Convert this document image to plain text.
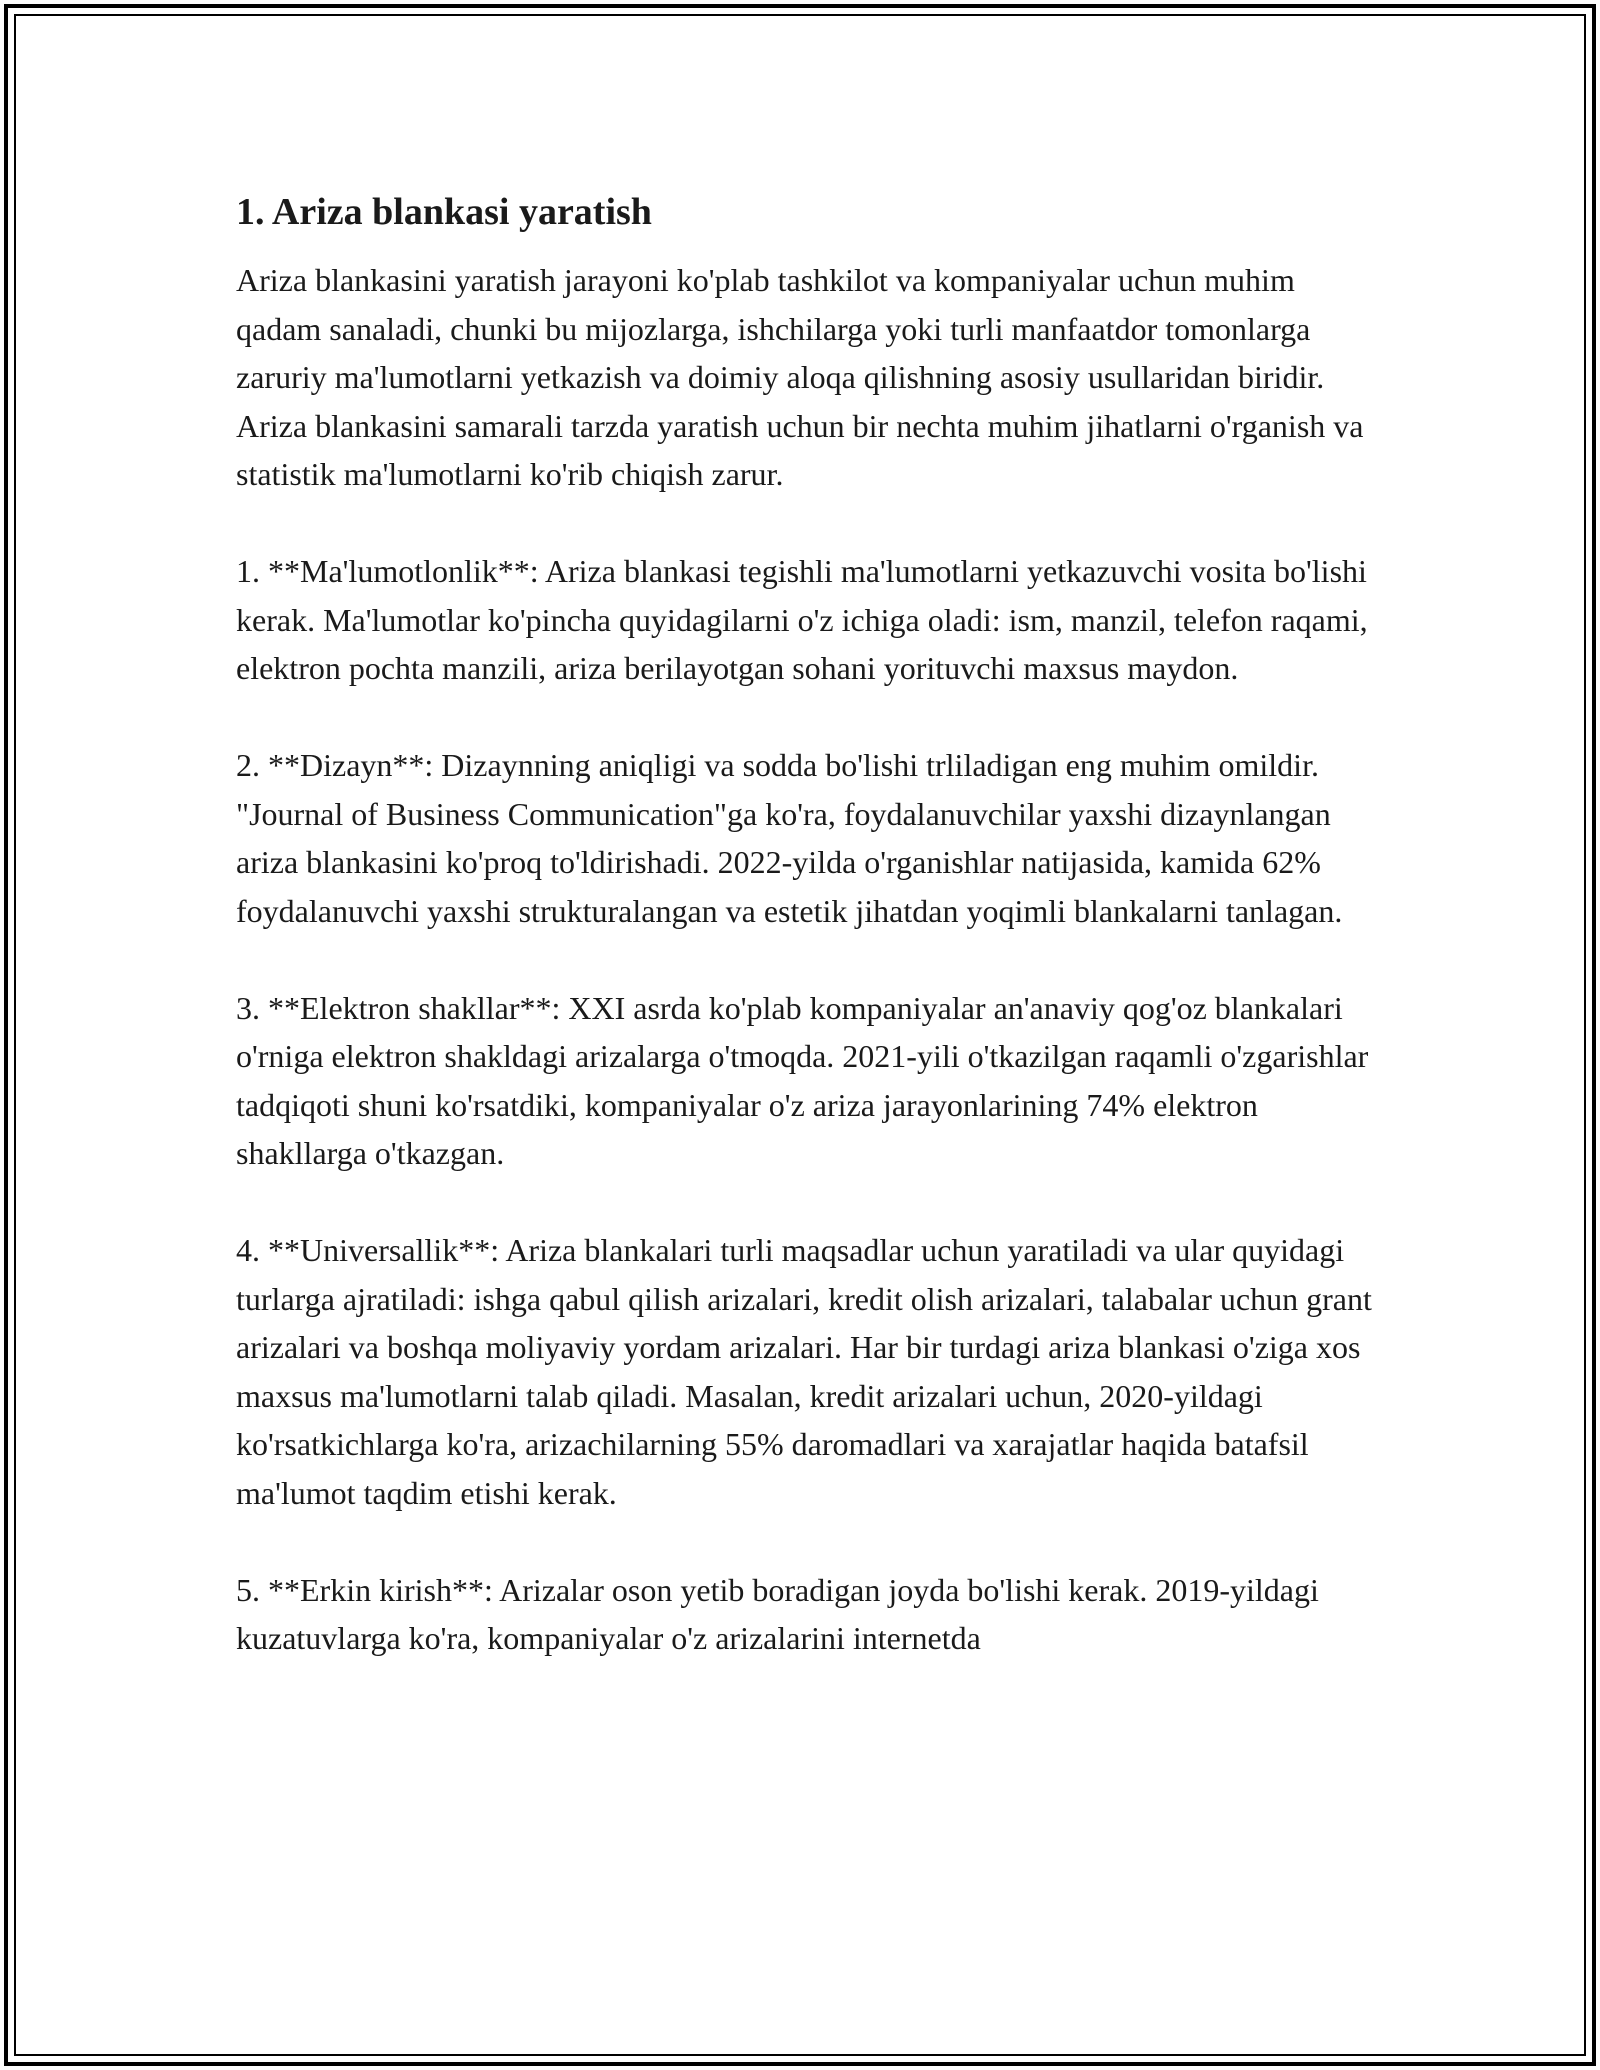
1. Ariza blankasi yaratish

Ariza blankasini yaratish jarayoni ko'plab tashkilot va kompaniyalar uchun muhim qadam sanaladi, chunki bu mijozlarga, ishchilarga yoki turli manfaatdor tomonlarga zaruriy ma'lumotlarni yetkazish va doimiy aloqa qilishning asosiy usullaridan biridir. Ariza blankasini samarali tarzda yaratish uchun bir nechta muhim jihatlarni o'rganish va statistik ma'lumotlarni ko'rib chiqish zarur.

1. **Ma'lumotlonlik**: Ariza blankasi tegishli ma'lumotlarni yetkazuvchi vosita bo'lishi kerak. Ma'lumotlar ko'pincha quyidagilarni o'z ichiga oladi: ism, manzil, telefon raqami, elektron pochta manzili, ariza berilayotgan sohani yorituvchi maxsus maydon.

2. **Dizayn**: Dizaynning aniqligi va sodda bo'lishi trliladigan eng muhim omildir. "Journal of Business Communication"ga ko'ra, foydalanuvchilar yaxshi dizaynlangan ariza blankasini ko'proq to'ldirishadi. 2022-yilda o'rganishlar natijasida, kamida 62% foydalanuvchi yaxshi strukturalangan va estetik jihatdan yoqimli blankalarni tanlagan.

3. **Elektron shakllar**: XXI asrda ko'plab kompaniyalar an'anaviy qog'oz blankalari o'rniga elektron shakldagi arizalarga o'tmoqda. 2021-yili o'tkazilgan raqamli o'zgarishlar tadqiqoti shuni ko'rsatdiki, kompaniyalar o'z ariza jarayonlarining 74% elektron shakllarga o'tkazgan.

4. **Universallik**: Ariza blankalari turli maqsadlar uchun yaratiladi va ular quyidagi turlarga ajratiladi: ishga qabul qilish arizalari, kredit olish arizalari, talabalar uchun grant arizalari va boshqa moliyaviy yordam arizalari. Har bir turdagi ariza blankasi o'ziga xos maxsus ma'lumotlarni talab qiladi. Masalan, kredit arizalari uchun, 2020-yildagi ko'rsatkichlarga ko'ra, arizachilarning 55% daromadlari va xarajatlar haqida batafsil ma'lumot taqdim etishi kerak.

5. **Erkin kirish**: Arizalar oson yetib boradigan joyda bo'lishi kerak. 2019-yildagi kuzatuvlarga ko'ra, kompaniyalar o'z arizalarini internetda
